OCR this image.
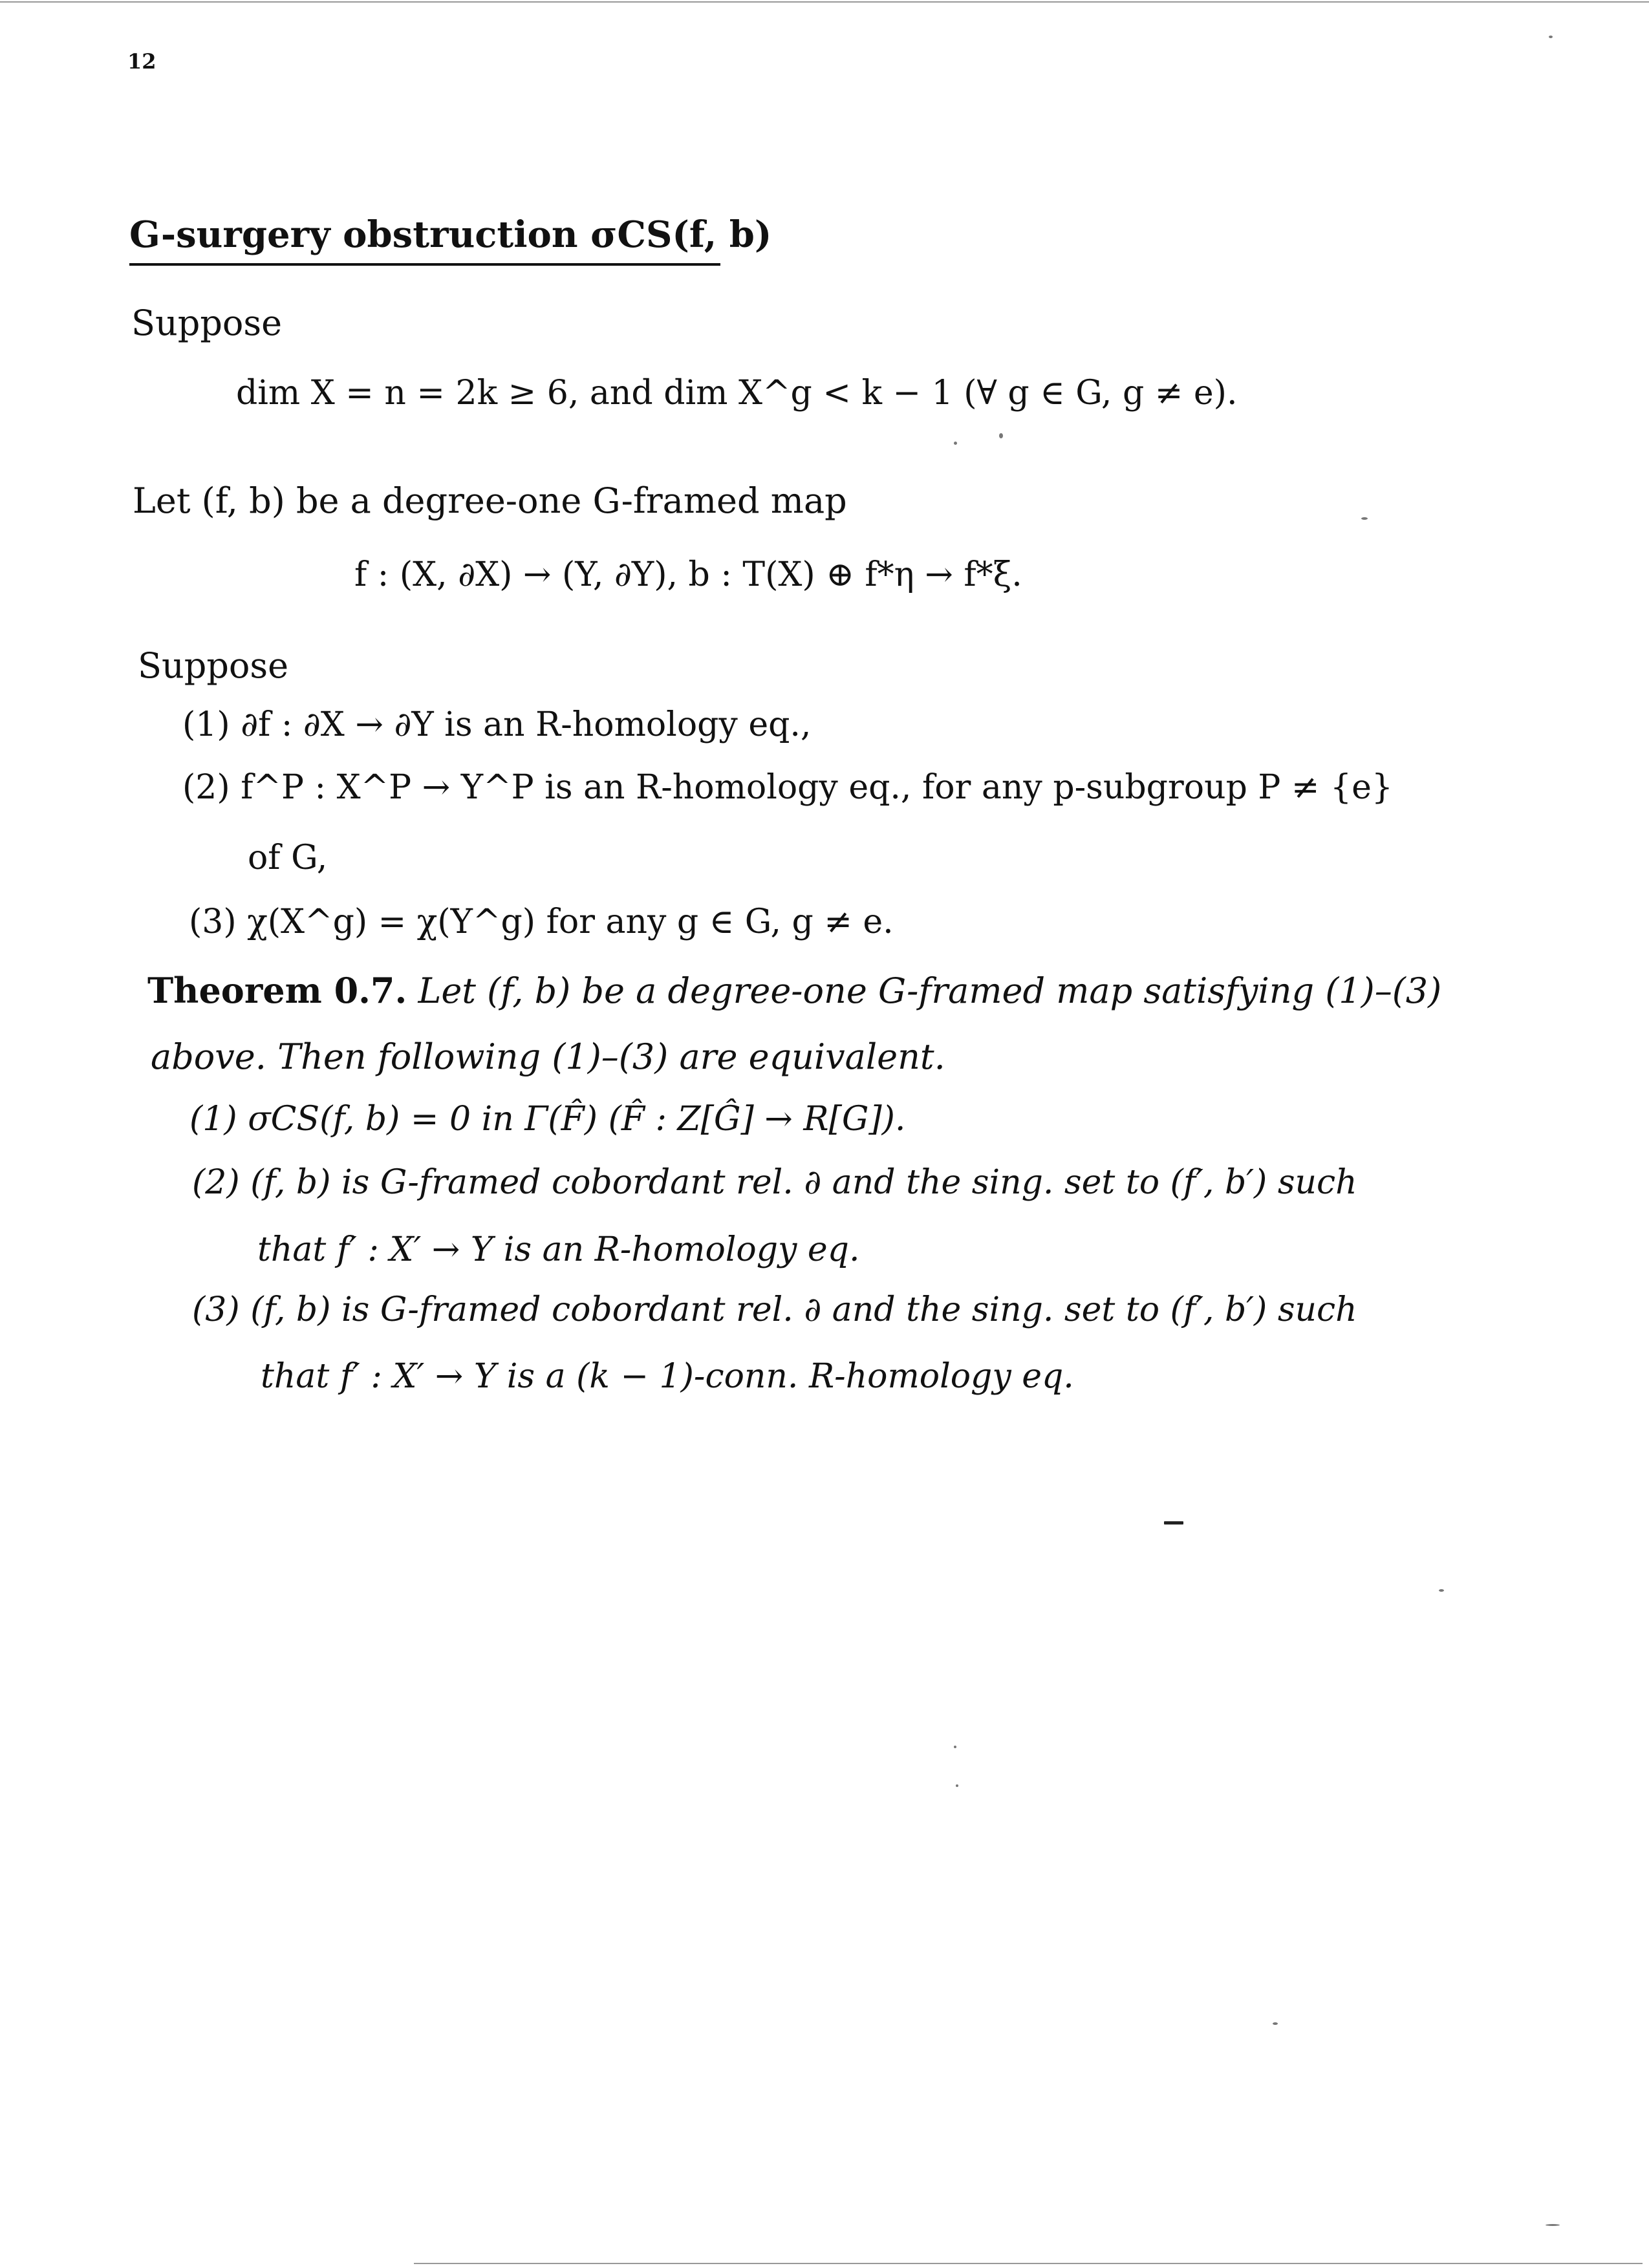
12
G-surgery obstruction σCS(f, b)
Suppose
dim X = n = 2k ≥ 6, and dim X^g < k − 1 (∀ g ∈ G, g ≠ e).
Let (f, b) be a degree-one G-framed map
f : (X, ∂X) → (Y, ∂Y), b : T(X) ⊕ f*η → f*ξ.
Suppose
(1) ∂f : ∂X → ∂Y is an R-homology eq.,
(2) f^P : X^P → Y^P is an R-homology eq., for any p-subgroup P ≠ {e}
of G,
(3) χ(X^g) = χ(Y^g) for any g ∈ G, g ≠ e.
Theorem 0.7. Let (f, b) be a degree-one G-framed map satisfying (1)–(3)
above. Then following (1)–(3) are equivalent.
(1) σCS(f, b) = 0 in Γ(F̂) (F̂ : Z[Ĝ] → R[G]).
(2) (f, b) is G-framed cobordant rel. ∂ and the sing. set to (f′, b′) such
that f′ : X′ → Y is an R-homology eq.
(3) (f, b) is G-framed cobordant rel. ∂ and the sing. set to (f′, b′) such
that f′ : X′ → Y is a (k − 1)-conn. R-homology eq.
